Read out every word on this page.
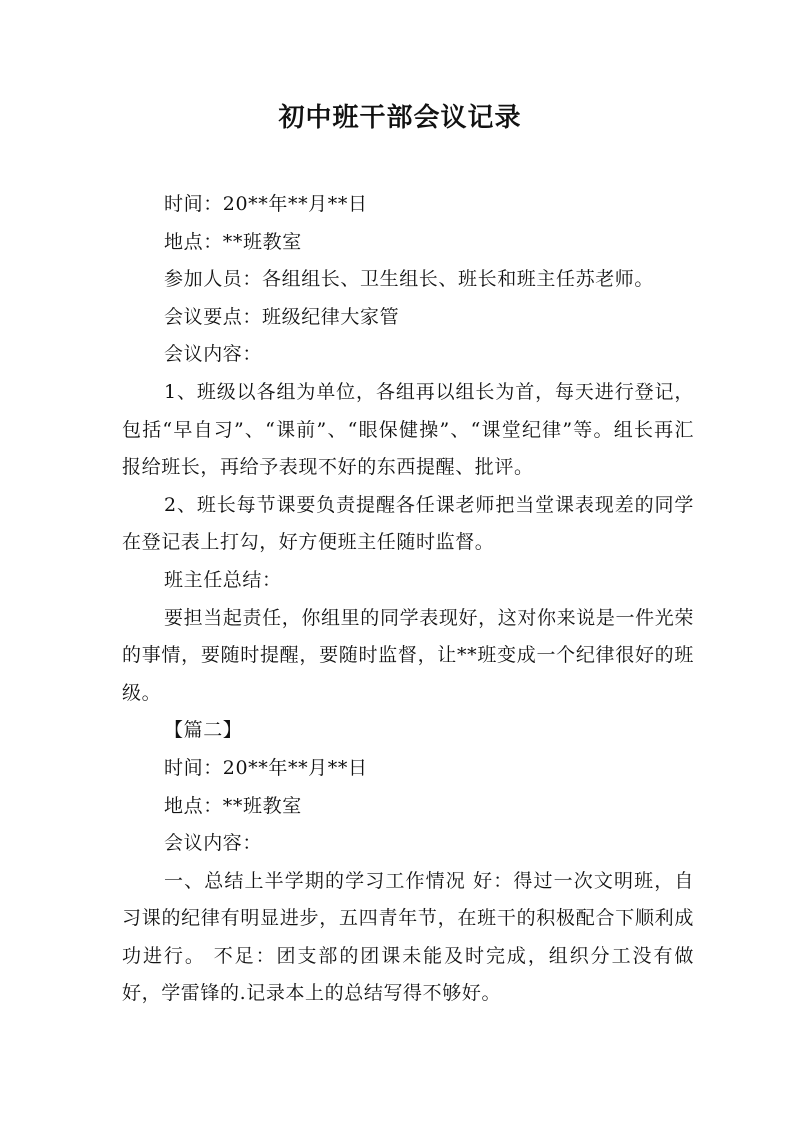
初中班干部会议记录

时间：20**年**月**日

地点：**班教室

参加人员：各组组长、卫生组长、班长和班主任苏老师。

会议要点：班级纪律大家管

会议内容：

1、班级以各组为单位，各组再以组长为首，每天进行登记，包括“早自习”、“课前”、“眼保健操”、“课堂纪律”等。组长再汇报给班长，再给予表现不好的东西提醒、批评。

2、班长每节课要负责提醒各任课老师把当堂课表现差的同学在登记表上打勾，好方便班主任随时监督。

班主任总结：

要担当起责任，你组里的同学表现好，这对你来说是一件光荣的事情，要随时提醒，要随时监督，让**班变成一个纪律很好的班级。

【篇二】

时间：20**年**月**日

地点：**班教室

会议内容：

一、总结上半学期的学习工作情况 好：得过一次文明班，自习课的纪律有明显进步，五四青年节，在班干的积极配合下顺利成功进行。 不足：团支部的团课未能及时完成，组织分工没有做好，学雷锋的.记录本上的总结写得不够好。
